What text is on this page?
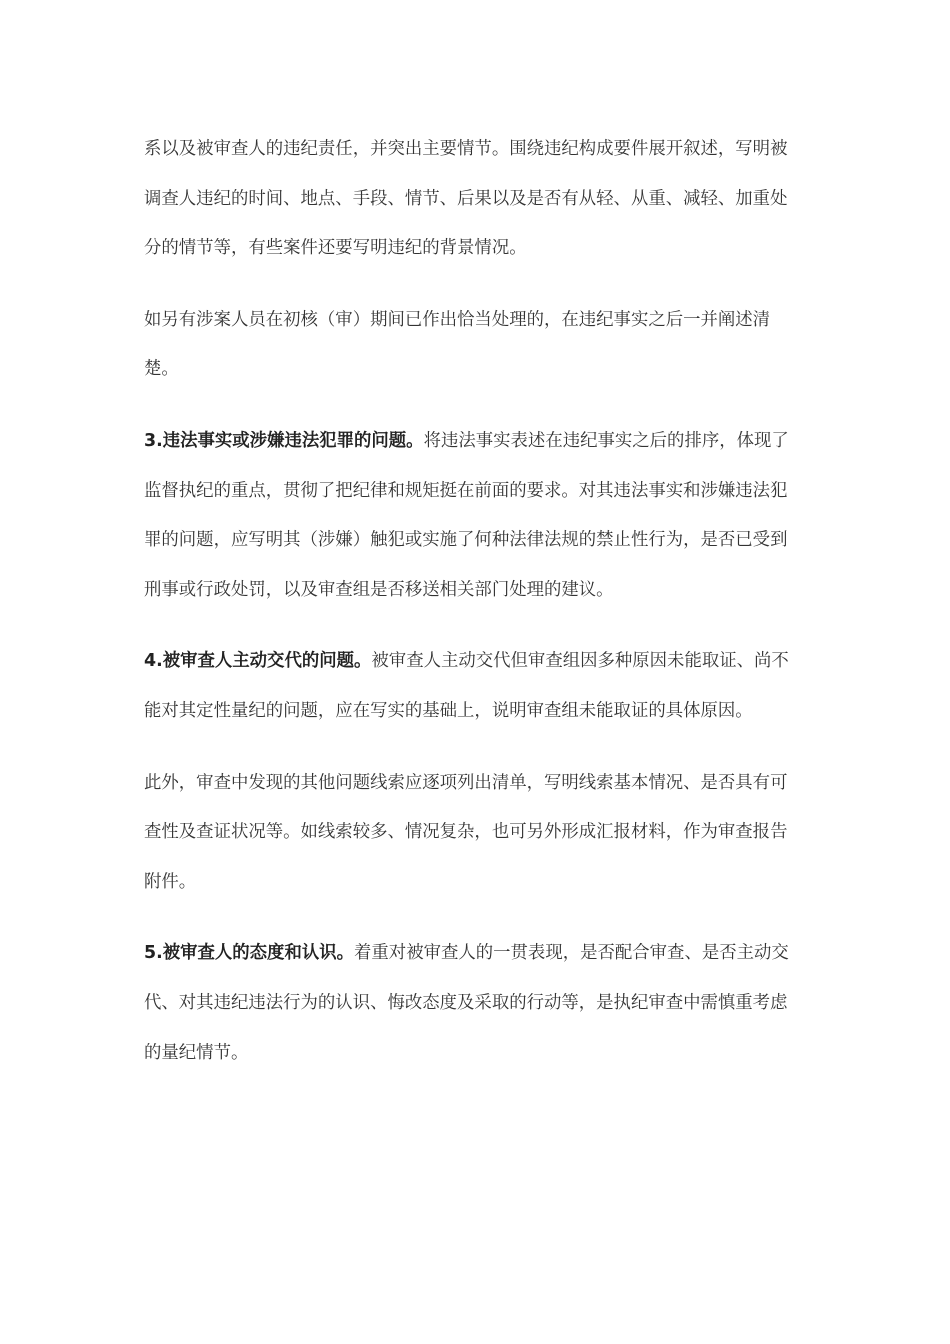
系以及被审查人的违纪责任，并突出主要情节。围绕违纪构成要件展开叙述，写明被调查人违纪的时间、地点、手段、情节、后果以及是否有从轻、从重、减轻、加重处分的情节等，有些案件还要写明违纪的背景情况。

如另有涉案人员在初核（审）期间已作出恰当处理的，在违纪事实之后一并阐述清楚。

3.违法事实或涉嫌违法犯罪的问题。将违法事实表述在违纪事实之后的排序，体现了监督执纪的重点，贯彻了把纪律和规矩挺在前面的要求。对其违法事实和涉嫌违法犯罪的问题，应写明其（涉嫌）触犯或实施了何种法律法规的禁止性行为，是否已受到刑事或行政处罚，以及审查组是否移送相关部门处理的建议。

4.被审查人主动交代的问题。被审查人主动交代但审查组因多种原因未能取证、尚不能对其定性量纪的问题，应在写实的基础上，说明审查组未能取证的具体原因。

此外，审查中发现的其他问题线索应逐项列出清单，写明线索基本情况、是否具有可查性及查证状况等。如线索较多、情况复杂，也可另外形成汇报材料，作为审查报告附件。

5.被审查人的态度和认识。着重对被审查人的一贯表现，是否配合审查、是否主动交代、对其违纪违法行为的认识、悔改态度及采取的行动等，是执纪审查中需慎重考虑的量纪情节。
